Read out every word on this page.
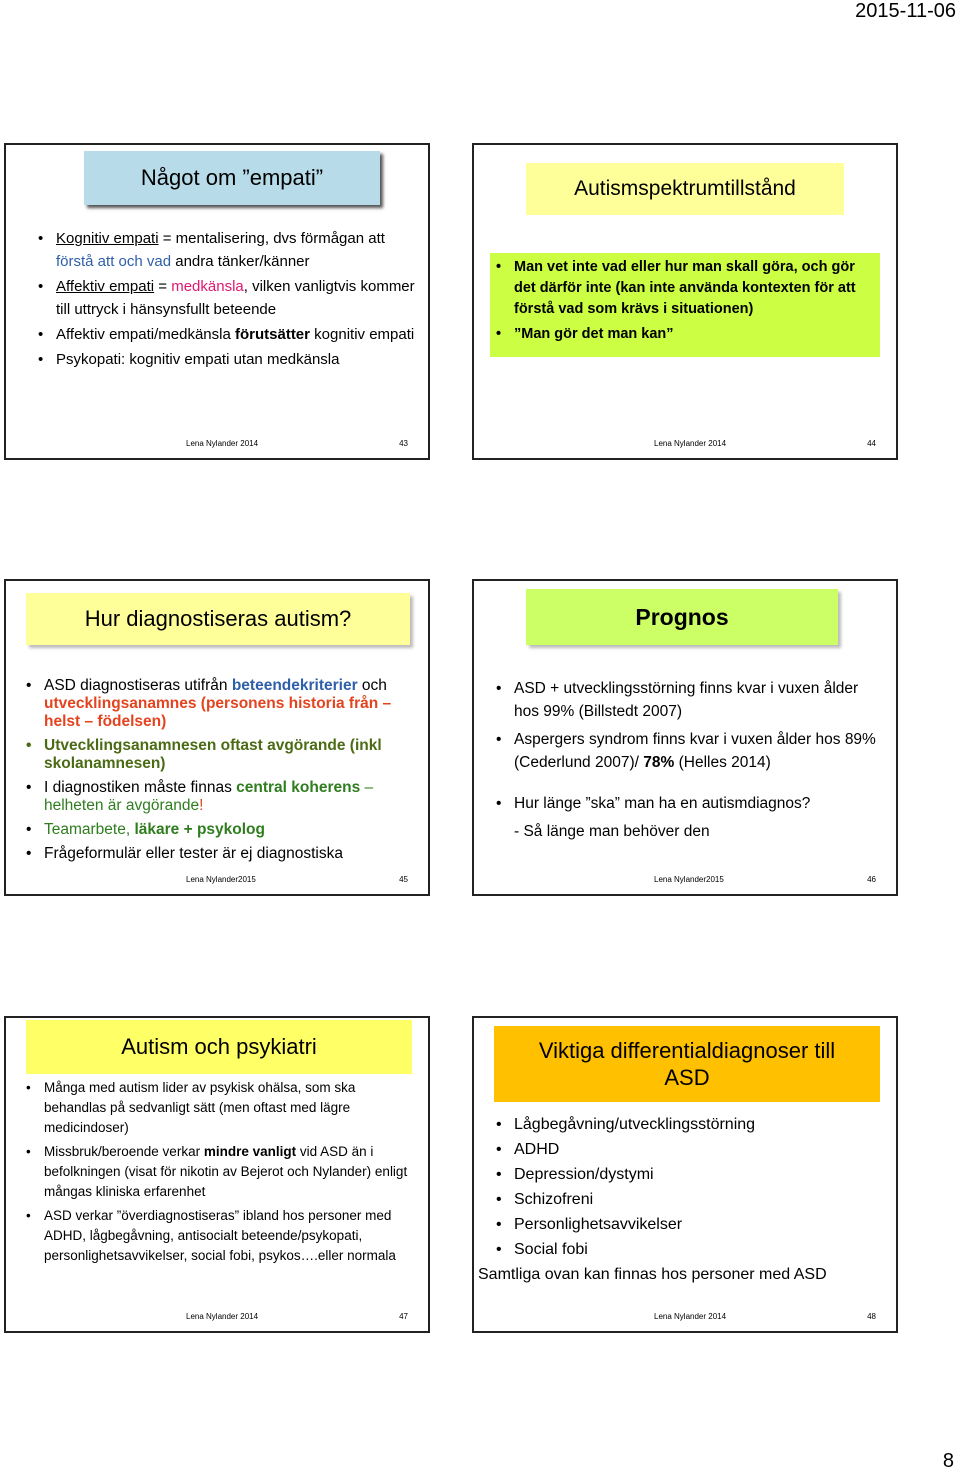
2015-11-06
Något om ”empati”
• Kognitiv empati = mentalisering, dvs förmågan att förstå att och vad andra tänker/känner
• Affektiv empati = medkänsla, vilken vanligtvis kommer till uttryck i hänsynsfullt beteende
• Affektiv empati/medkänsla förutsätter kognitiv empati
• Psykopati: kognitiv empati utan medkänsla
Lena Nylander 2014	43
Autismspektrumtillstånd
• Man vet inte vad eller hur man skall göra, och gör det därför inte (kan inte använda kontexten för att förstå vad som krävs i situationen)
• ”Man gör det man kan”
Lena Nylander 2014	44
Hur diagnostiseras autism?
• ASD diagnostiseras utifrån beteendekriterier och utvecklingsanamnes (personens historia från – helst – födelsen)
• Utvecklingsanamnesen oftast avgörande (inkl skolanamnesen)
• I diagnostiken måste finnas central koherens – helheten är avgörande!
• Teamarbete, läkare + psykolog
• Frågeformulär eller tester är ej diagnostiska
Lena Nylander2015	45
Prognos
• ASD + utvecklingsstörning finns kvar i vuxen ålder hos 99% (Billstedt 2007)
• Aspergers syndrom finns kvar i vuxen ålder hos 89% (Cederlund 2007)/ 78% (Helles 2014)
• Hur länge ”ska” man ha en autismdiagnos?
- Så länge man behöver den
Lena Nylander2015	46
Autism och psykiatri
• Många med autism lider av psykisk ohälsa, som ska behandlas på sedvanligt sätt (men oftast med lägre medicindoser)
• Missbruk/beroende verkar mindre vanligt vid ASD än i befolkningen (visat för nikotin av Bejerot och Nylander) enligt mångas kliniska erfarenhet
• ASD verkar ”överdiagnostiseras” ibland hos personer med ADHD, lågbegåvning, antisocialt beteende/psykopati, personlighetsavvikelser, social fobi, psykos….eller normala
Lena Nylander 2014	47
Viktiga differentialdiagnoser till ASD
• Lågbegåvning/utvecklingsstörning
• ADHD
• Depression/dystymi
• Schizofreni
• Personlighetsavvikelser
• Social fobi
Samtliga ovan kan finnas hos personer med ASD
Lena Nylander 2014	48
8
